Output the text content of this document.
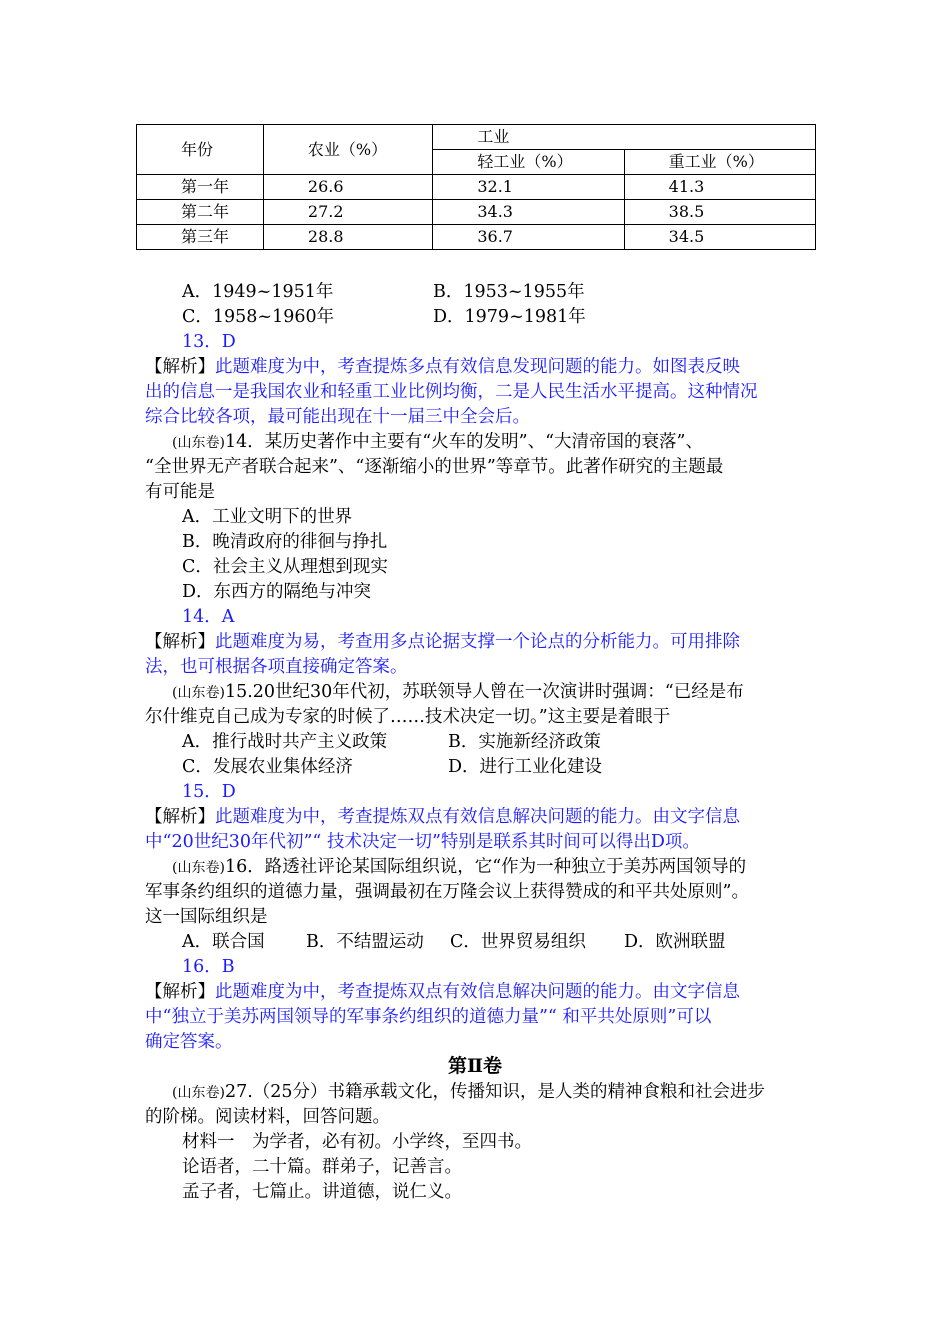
年份	农业（%）	工业	
		轻工业（%）	重工业（%）
第一年	26.6	32.1	41.3
第二年	27.2	34.3	38.5
第三年	28.8	36.7	34.5
A．1949~1951年	B．1953~1955年
C．1958~1960年	D．1979~1981年
13．D
【解析】此题难度为中，考查提炼多点有效信息发现问题的能力。如图表反映
出的信息一是我国农业和轻重工业比例均衡，二是人民生活水平提高。这种情况
综合比较各项，最可能出现在十一届三中全会后。
(山东卷)14．某历史著作中主要有“火车的发明”、“大清帝国的衰落”、
“全世界无产者联合起来”、“逐渐缩小的世界”等章节。此著作研究的主题最
有可能是
A．工业文明下的世界
B．晚清政府的徘徊与挣扎
C．社会主义从理想到现实
D．东西方的隔绝与冲突
14．A
【解析】此题难度为易，考查用多点论据支撑一个论点的分析能力。可用排除
法，也可根据各项直接确定答案。
(山东卷)15.20世纪30年代初，苏联领导人曾在一次演讲时强调：“已经是布
尔什维克自己成为专家的时候了……技术决定一切。”这主要是着眼于
A．推行战时共产主义政策	B．实施新经济政策
C．发展农业集体经济	D．进行工业化建设
15．D
【解析】此题难度为中，考查提炼双点有效信息解决问题的能力。由文字信息
中“20世纪30年代初”“ 技术决定一切”特别是联系其时间可以得出D项。
(山东卷)16．路透社评论某国际组织说，它“作为一种独立于美苏两国领导的
军事条约组织的道德力量，强调最初在万隆会议上获得赞成的和平共处原则”。
这一国际组织是
A．联合国 B．不结盟运动 C．世界贸易组织 D．欧洲联盟
16．B
【解析】此题难度为中，考查提炼双点有效信息解决问题的能力。由文字信息
中“独立于美苏两国领导的军事条约组织的道德力量”“ 和平共处原则”可以
确定答案。
第Ⅱ卷
(山东卷)27.（25分）书籍承载文化，传播知识，是人类的精神食粮和社会进步
的阶梯。阅读材料，回答问题。
材料一　为学者，必有初。小学终，至四书。
论语者，二十篇。群弟子，记善言。
孟子者，七篇止。讲道德，说仁义。
